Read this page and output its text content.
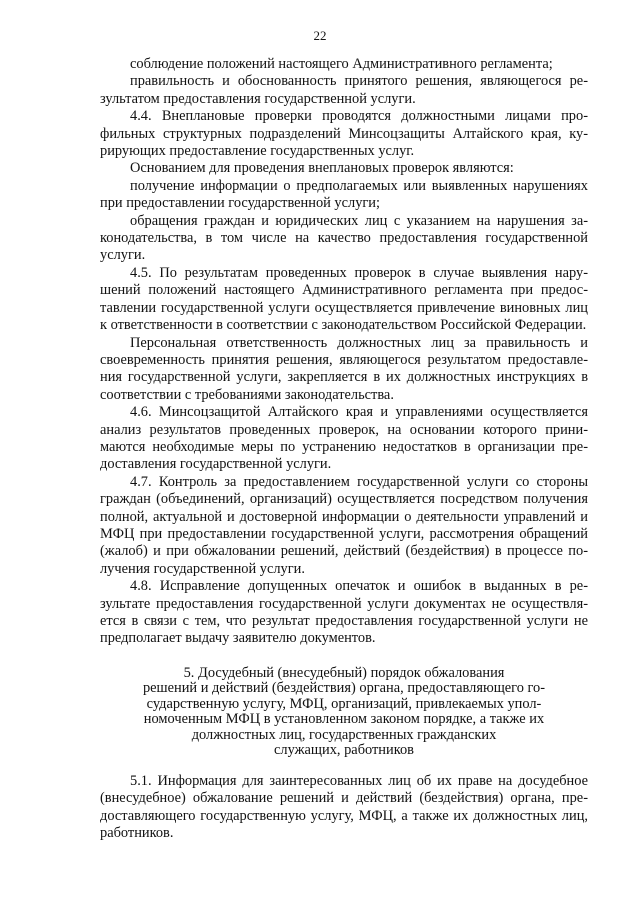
22

соблюдение положений настоящего Административного регламента;

правильность и обоснованность принятого решения, являющегося результатом предоставления государственной услуги.

4.4. Внеплановые проверки проводятся должностными лицами профильных структурных подразделений Минсоцзащиты Алтайского края, курирующих предоставление государственных услуг.

Основанием для проведения внеплановых проверок являются:

получение информации о предполагаемых или выявленных нарушениях при предоставлении государственной услуги;

обращения граждан и юридических лиц с указанием на нарушения законодательства, в том числе на качество предоставления государственной услуги.

4.5. По результатам проведенных проверок в случае выявления нарушений положений настоящего Административного регламента при предоставлении государственной услуги осуществляется привлечение виновных лиц к ответственности в соответствии с законодательством Российской Федерации.

Персональная ответственность должностных лиц за правильность и своевременность принятия решения, являющегося результатом предоставления государственной услуги, закрепляется в их должностных инструкциях в соответствии с требованиями законодательства.

4.6. Минсоцзащитой Алтайского края и управлениями осуществляется анализ результатов проведенных проверок, на основании которого принимаются необходимые меры по устранению недостатков в организации предоставления государственной услуги.

4.7. Контроль за предоставлением государственной услуги со стороны граждан (объединений, организаций) осуществляется посредством получения полной, актуальной и достоверной информации о деятельности управлений и МФЦ при предоставлении государственной услуги, рассмотрения обращений (жалоб) и при обжаловании решений, действий (бездействия) в процессе получения государственной услуги.

4.8. Исправление допущенных опечаток и ошибок в выданных в результате предоставления государственной услуги документах не осуществляется в связи с тем, что результат предоставления государственной услуги не предполагает выдачу заявителю документов.

5. Досудебный (внесудебный) порядок обжалования
решений и действий (бездействия) органа, предоставляющего го-
сударственную услугу, МФЦ, организаций, привлекаемых упол-
номоченным МФЦ в установленном законом порядке, а также их
должностных лиц, государственных гражданских
служащих, работников

5.1. Информация для заинтересованных лиц об их праве на досудебное (внесудебное) обжалование решений и действий (бездействия) органа, предоставляющего государственную услугу, МФЦ, а также их должностных лиц, работников.
